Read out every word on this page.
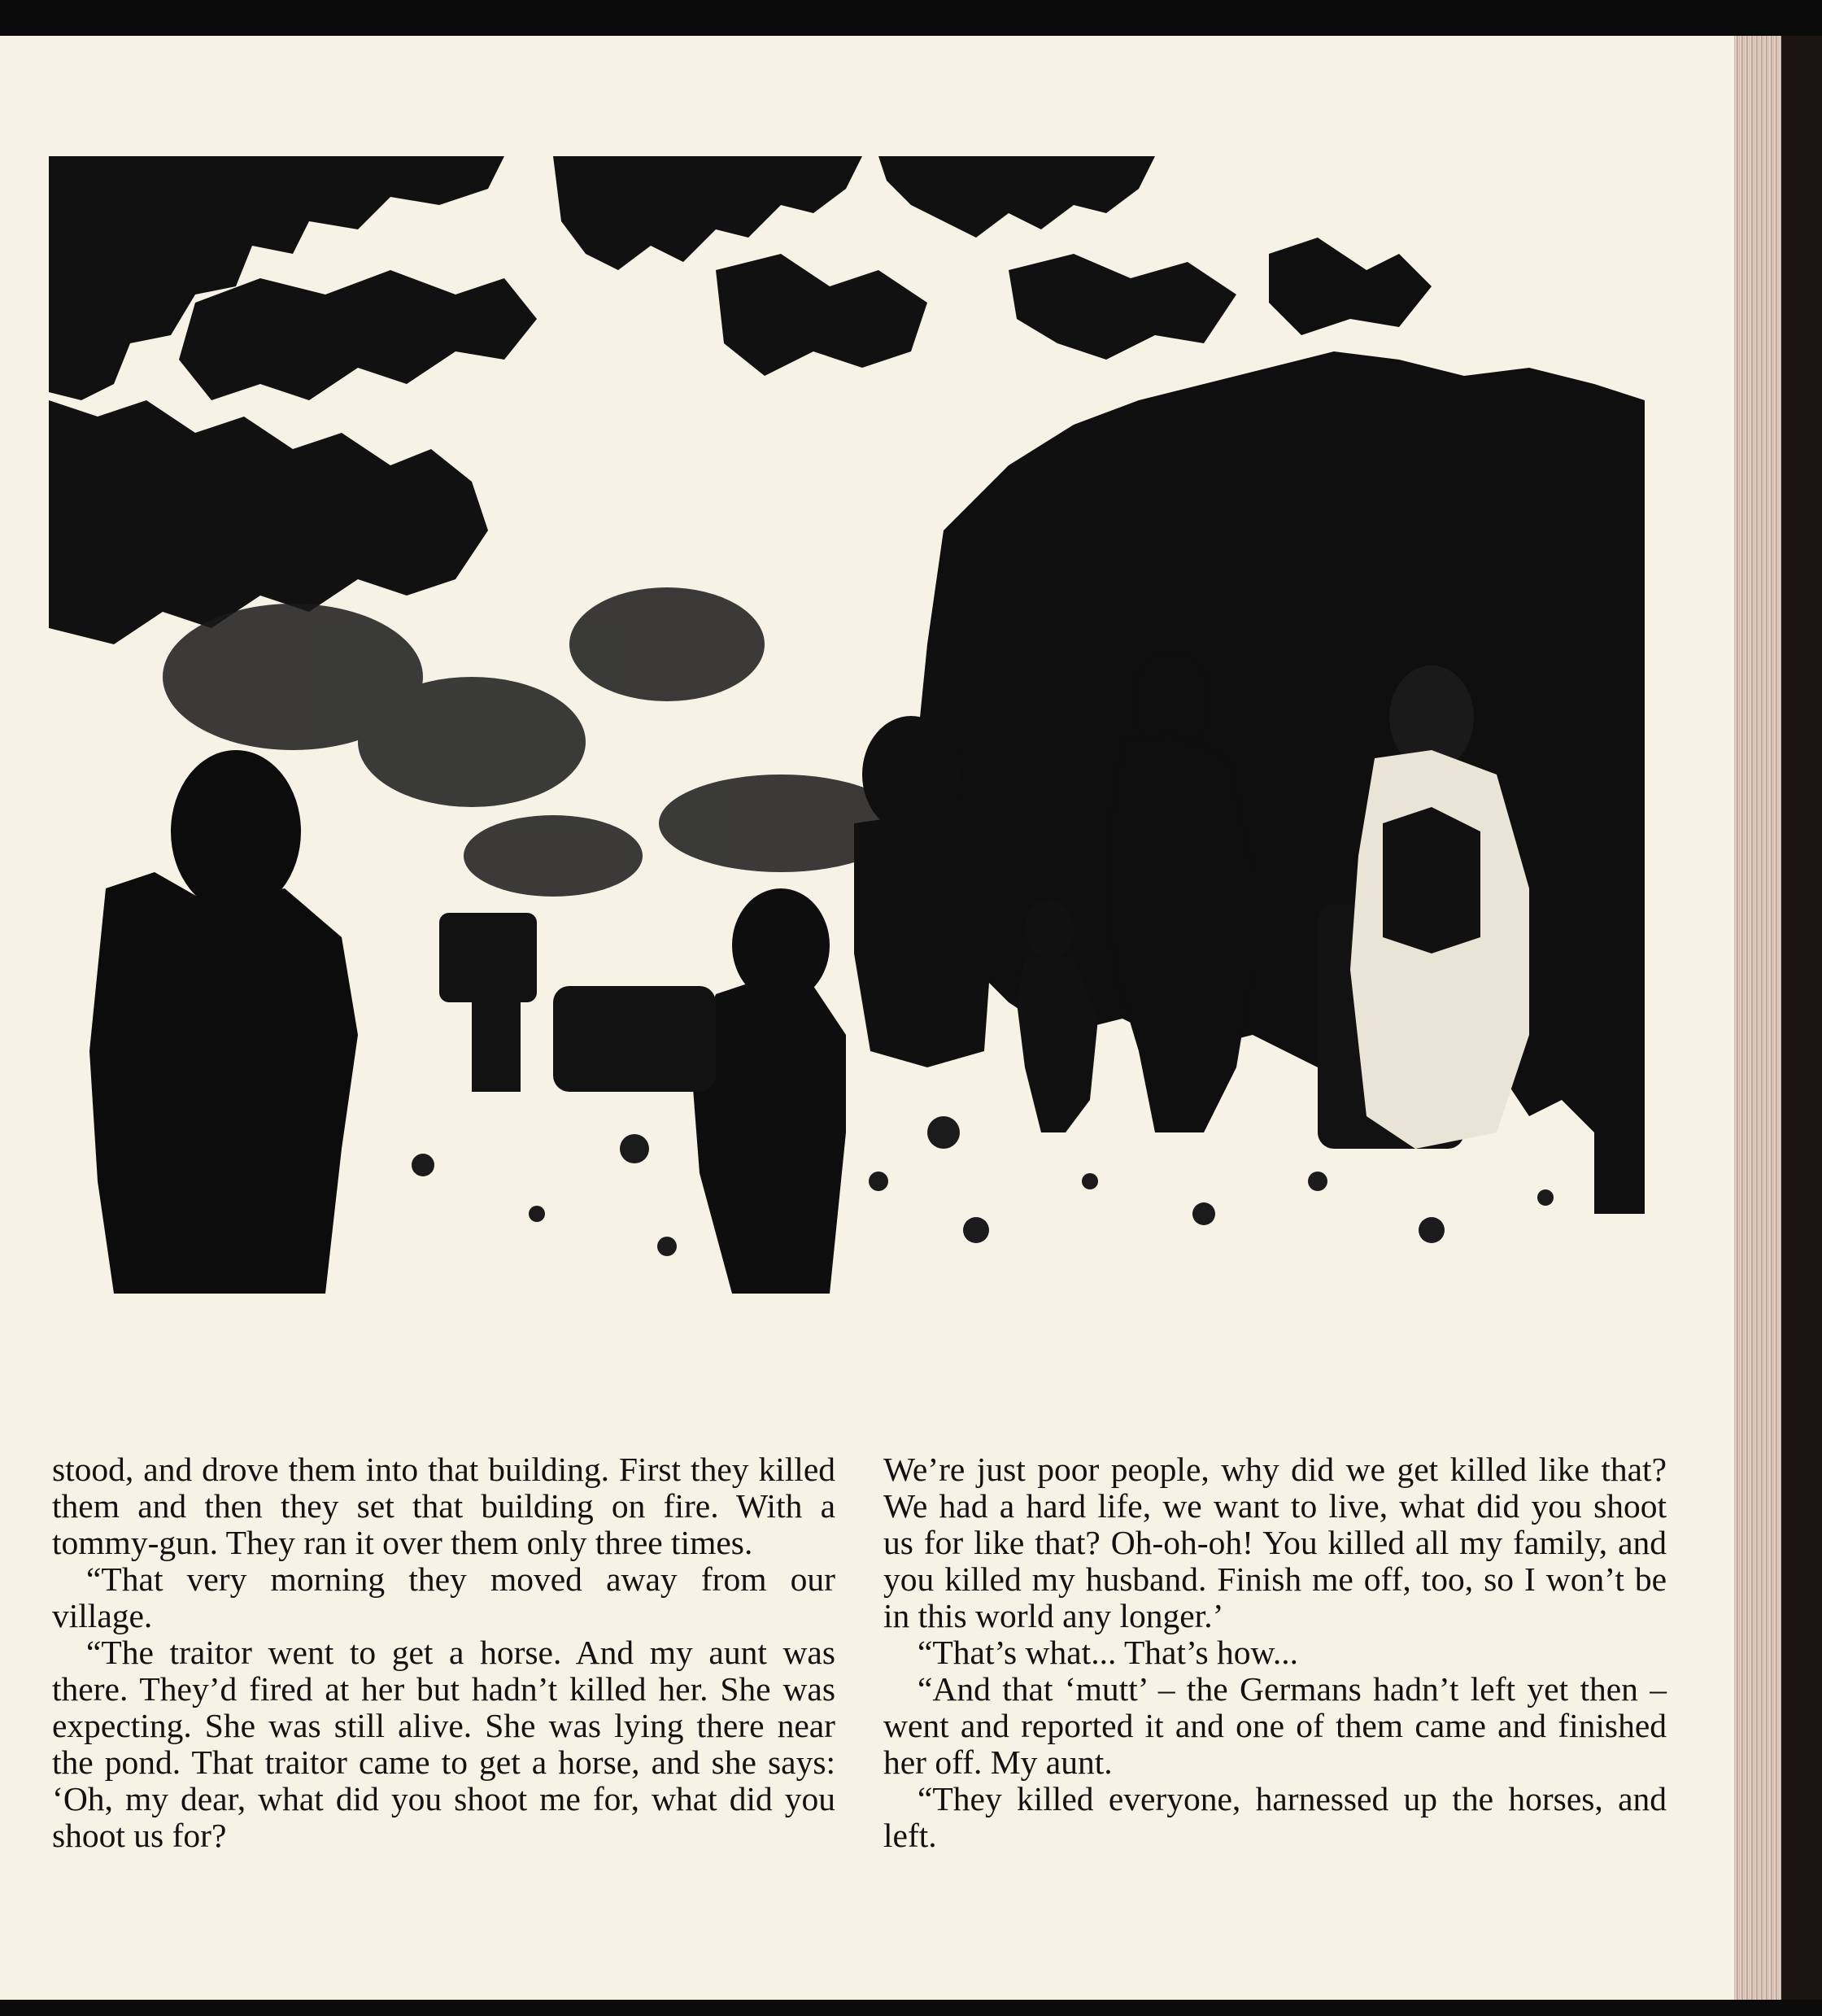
stood, and drove them into that building. First they killed them and then they set that building on fire. With a tommy-gun. They ran it over them only three times.

“That very morning they moved away from our village.

“The traitor went to get a horse. And my aunt was there. They’d fired at her but hadn’t killed her. She was expecting. She was still alive. She was lying there near the pond. That traitor came to get a horse, and she says: ‘Oh, my dear, what did you shoot me for, what did you shoot us for?

We’re just poor people, why did we get killed like that? We had a hard life, we want to live, what did you shoot us for like that? Oh-oh-oh! You killed all my family, and you killed my husband. Finish me off, too, so I won’t be in this world any longer.’

“That’s what... That’s how...

“And that ‘mutt’ – the Germans hadn’t left yet then – went and reported it and one of them came and finished her off. My aunt.

“They killed everyone, harnessed up the horses, and left.
